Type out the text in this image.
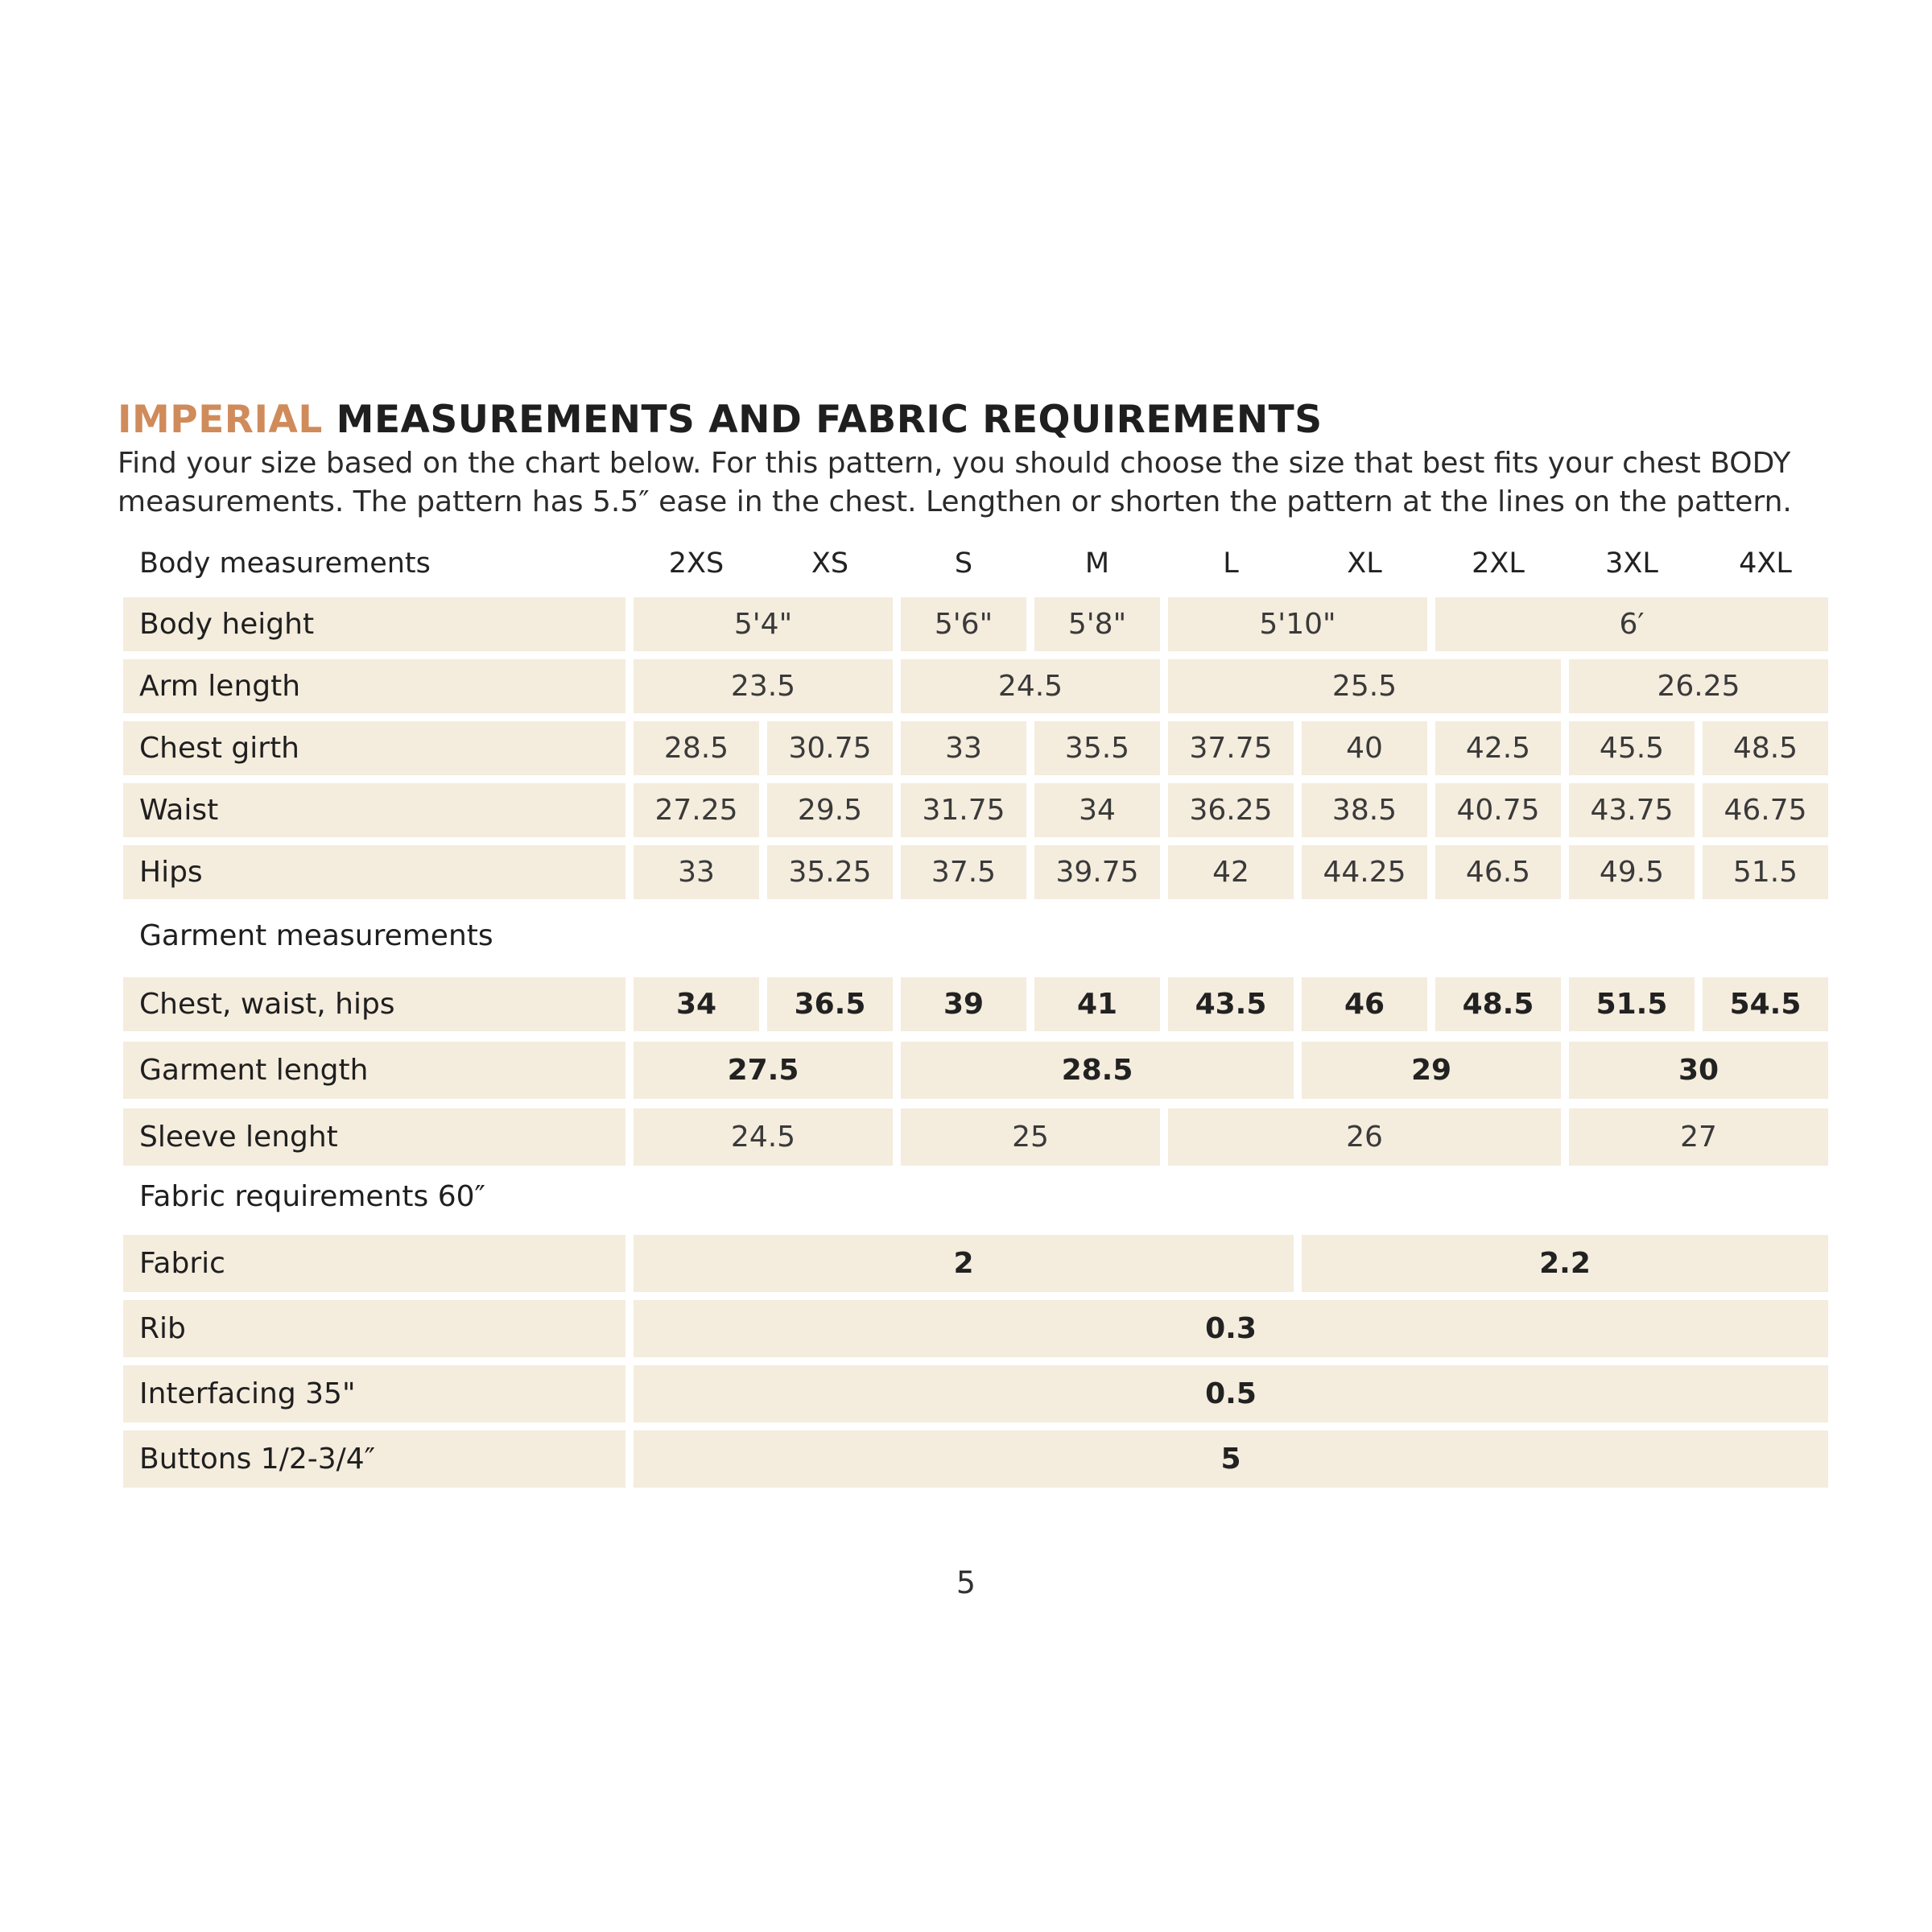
IMPERIAL MEASUREMENTS AND FABRIC REQUIREMENTS
Find your size based on the chart below. For this pattern, you should choose the size that best fits your chest BODY
measurements. The pattern has 5.5″ ease in the chest. Lengthen or shorten the pattern at the lines on the pattern.
Body measurements	2XS	XS	S	M	L	XL	2XL	3XL	4XL
Body height	5'4"	5'6"	5'8"	5'10"	6′
Arm length	23.5	24.5	25.5	26.25
Chest girth	28.5	30.75	33	35.5	37.75	40	42.5	45.5	48.5
Waist	27.25	29.5	31.75	34	36.25	38.5	40.75	43.75	46.75
Hips	33	35.25	37.5	39.75	42	44.25	46.5	49.5	51.5
Garment measurements
Chest, waist, hips	34	36.5	39	41	43.5	46	48.5	51.5	54.5
Garment length	27.5	28.5	29	30
Sleeve lenght	24.5	25	26	27
Fabric requirements 60″
Fabric	2	2.2
Rib	0.3
Interfacing 35"	0.5
Buttons 1/2-3/4″	5
5
